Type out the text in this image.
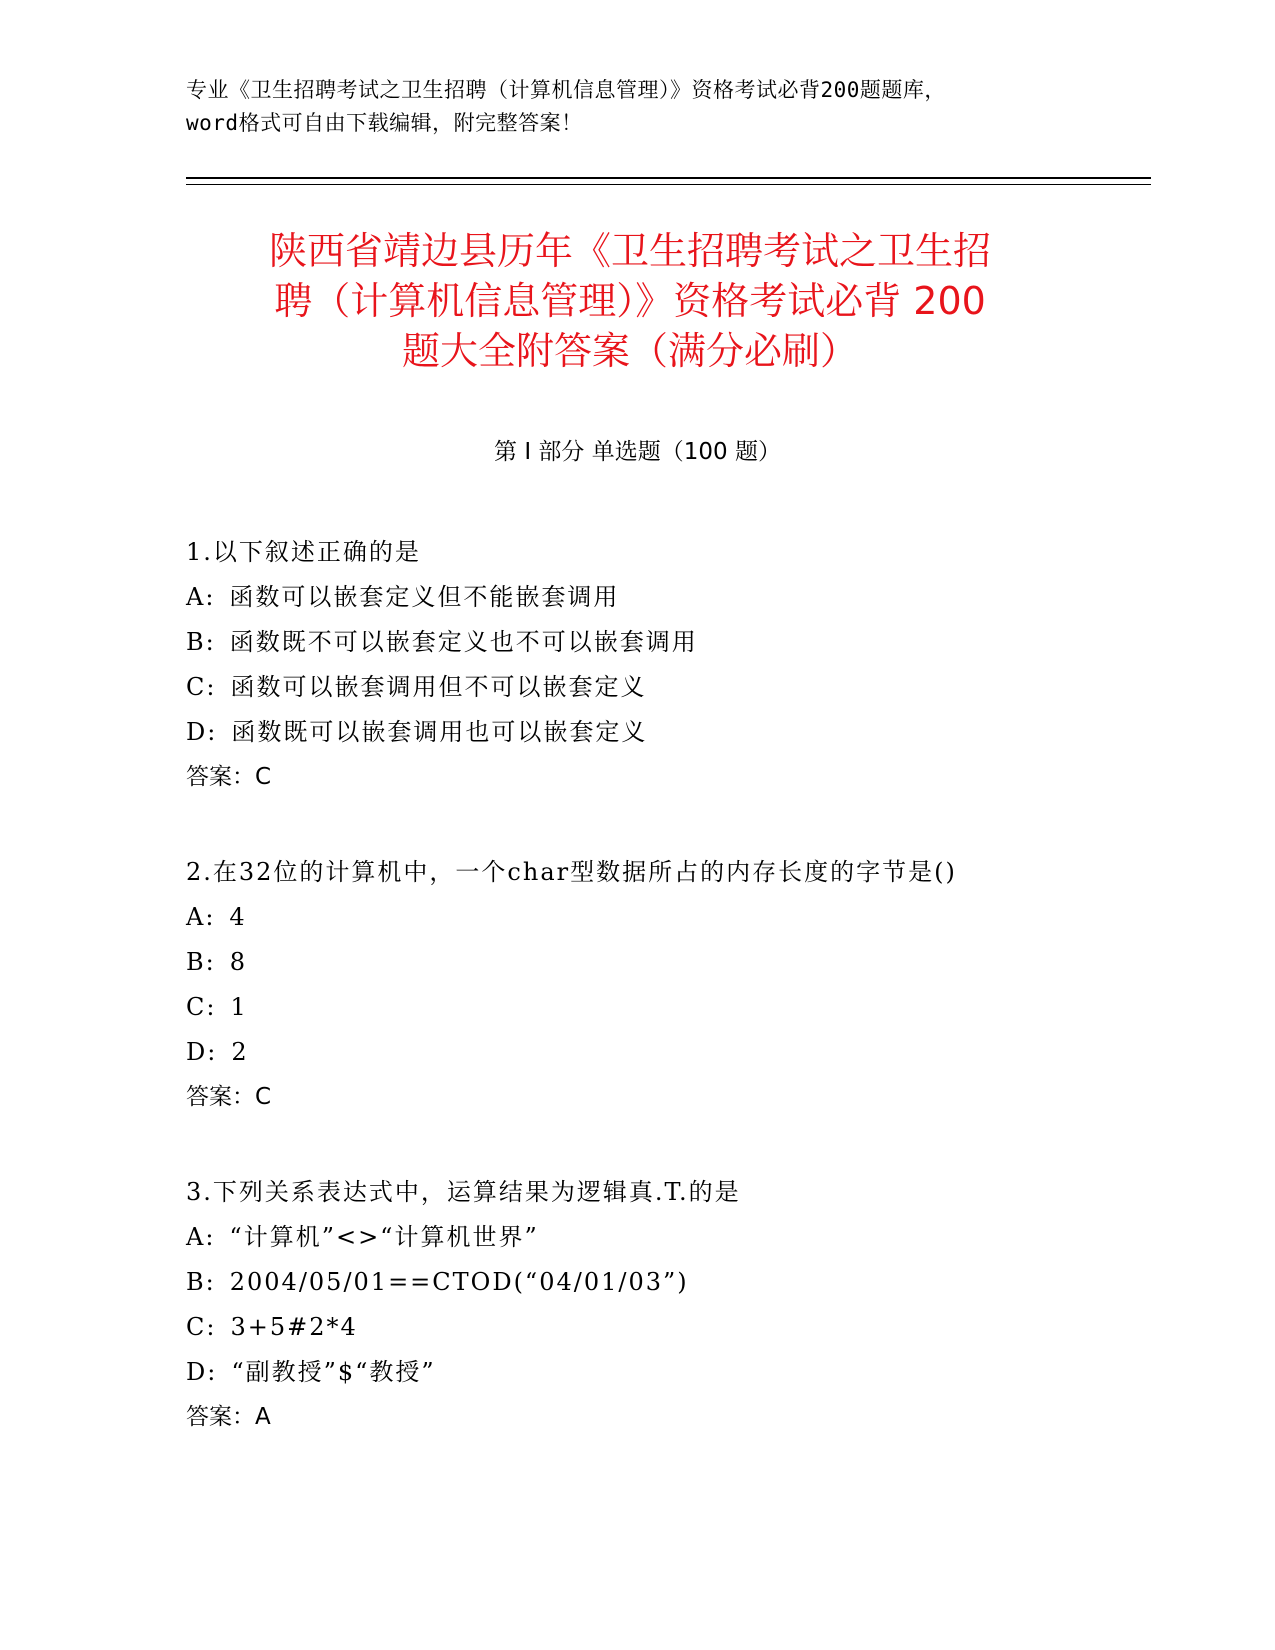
专业《卫生招聘考试之卫生招聘（计算机信息管理）》资格考试必背200题题库，
word格式可自由下载编辑，附完整答案！
陕西省靖边县历年《卫生招聘考试之卫生招
聘（计算机信息管理）》资格考试必背 200
题大全附答案（满分必刷）
第 I 部分 单选题（100 题）
1.以下叙述正确的是
A: 函数可以嵌套定义但不能嵌套调用
B: 函数既不可以嵌套定义也不可以嵌套调用
C: 函数可以嵌套调用但不可以嵌套定义
D: 函数既可以嵌套调用也可以嵌套定义
答案：C
2.在32位的计算机中，一个char型数据所占的内存长度的字节是()
A: 4
B: 8
C: 1
D: 2
答案：C
3.下列关系表达式中，运算结果为逻辑真.T.的是
A: “计算机”<>“计算机世界”
B: 2004/05/01==CTOD(“04/01/03”)
C: 3+5#2*4
D: “副教授”$“教授”
答案：A
